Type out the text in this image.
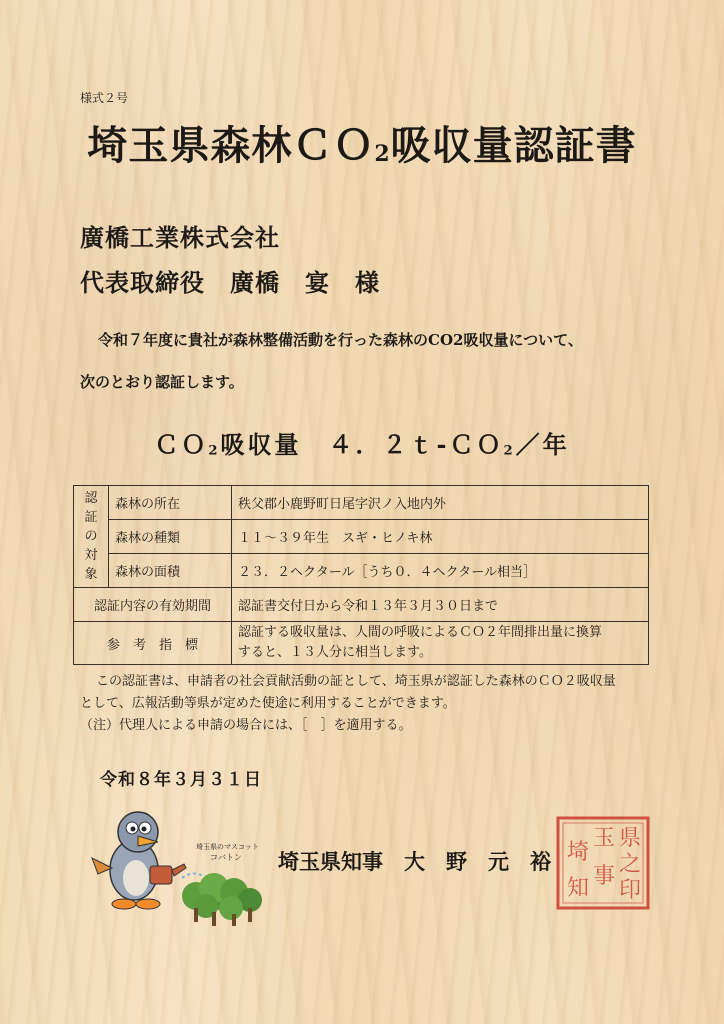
様式２号
埼玉県森林ＣＯ$_2$吸収量認証書
廣橋工業株式会社
代表取締役　廣橋　宴　様
令和７年度に貴社が森林整備活動を行った森林のCO2吸収量について、
次のとおり認証します。
ＣＯ$_2$吸収量　４．２ｔ-ＣＯ$_2$／年
認
証
の
対
象	森林の所在	秩父郡小鹿野町日尾字沢ノ入地内外
	森林の種類	１１～３９年生　スギ・ヒノキ林
	森林の面積	２３．２ヘクタール［うち０．４ヘクタール相当］
認証内容の有効期間		認証書交付日から令和１３年３月３０日まで
参　考　指　標		認証する吸収量は、人間の呼吸によるＣＯ２年間排出量に換算
すると、１３人分に相当します。
この認証書は、申請者の社会貢献活動の証として、埼玉県が認証した森林のＣＯ２吸収量
として、広報活動等県が定めた使途に利用することができます。
（注）代理人による申請の場合には、［　］を適用する。
令和８年３月３１日
埼玉県のマスコット
コバトン 埼玉県知事　大　野　元　裕
県
之
印
玉
事
埼
知
